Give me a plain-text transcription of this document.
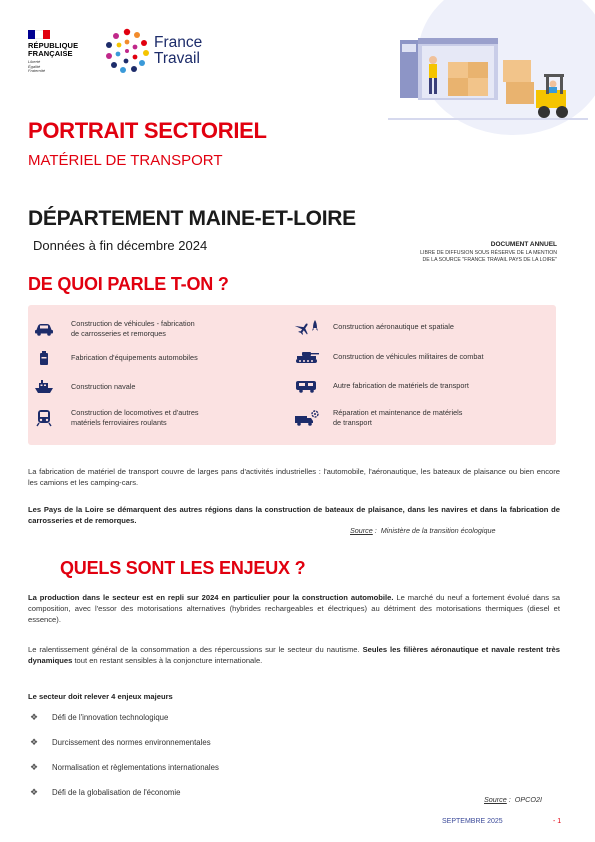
RÉPUBLIQUE
FRANÇAISE
Liberté
Égalité
Fraternité
France
Travail
PORTRAIT SECTORIEL
MATÉRIEL DE TRANSPORT
DÉPARTEMENT MAINE-ET-LOIRE
Données à fin décembre 2024	DOCUMENT ANNUEL
LIBRE DE DIFFUSION SOUS RÉSERVE DE LA MENTION
DE LA SOURCE "FRANCE TRAVAIL PAYS DE LA LOIRE"
DE QUOI PARLE T-ON ?
Construction de véhicules - fabrication
de carrosseries et remorques
Fabrication d'équipements automobiles
Construction navale
Construction de locomotives et d'autres
matériels ferroviaires roulants
Construction aéronautique et spatiale
Construction de véhicules militaires de combat
Autre fabrication de matériels de transport
Réparation et maintenance de matériels
de transport
La fabrication de matériel de transport couvre de larges pans d'activités industrielles : l'automobile, l'aéronautique, les bateaux de plaisance ou bien encore les camions et les camping-cars.
Les Pays de la Loire se démarquent des autres régions dans la construction de bateaux de plaisance, dans les navires et dans la fabrication de carrosseries et de remorques.
Source :  Ministère de la transition écologique
QUELS SONT LES ENJEUX ?
La production dans le secteur est en repli sur 2024 en particulier pour la construction automobile. Le marché du neuf a fortement évolué dans sa composition, avec l'essor des motorisations alternatives (hybrides rechargeables et électriques) au détriment des motorisations thermiques (diesel et essence).
Le ralentissement général de la consommation a des répercussions sur le secteur du nautisme. Seules les filières aéronautique et navale restent très dynamiques tout en restant sensibles à la conjoncture internationale.
Le secteur doit relever 4 enjeux majeurs
❖ Défi de l'innovation technologique
❖ Durcissement des normes environnementales
❖ Normalisation et règlementations internationales
❖ Défi de la globalisation de l'économie
Source :  OPCO2I
SEPTEMBRE 2025	- 1
